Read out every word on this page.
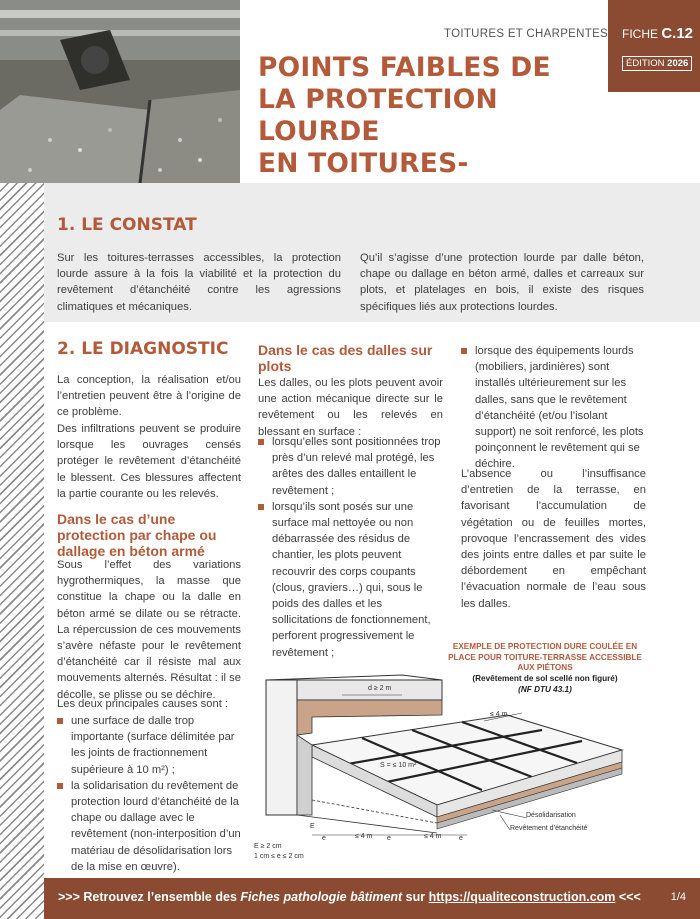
TOITURES ET CHARPENTES FICHE C.12
ÉDITION 2026
POINTS FAIBLES DE
LA PROTECTION LOURDE
EN TOITURES-
1. LE CONSTAT
Sur les toitures-terrasses accessibles, la protection lourde assure à la fois la viabilité et la protection du revêtement d’étanchéité contre les agressions climatiques et mécaniques.
Qu’il s’agisse d’une protection lourde par dalle béton, chape ou dallage en béton armé, dalles et carreaux sur plots, et platelages en bois, il existe des risques spécifiques liés aux protections lourdes.
2. LE DIAGNOSTIC
La conception, la réalisation et/ou l’entretien peuvent être à l’origine de ce problème.
Des infiltrations peuvent se produire lorsque les ouvrages censés protéger le revêtement d’étanchéité le blessent. Ces blessures affectent la partie courante ou les relevés.
Dans le cas d’une protection par chape ou dallage en béton armé
Sous l’effet des variations hygrothermiques, la masse que constitue la chape ou la dalle en béton armé se dilate ou se rétracte. La répercussion de ces mouvements s’avère néfaste pour le revêtement d’étanchéité car il résiste mal aux mouvements alternés. Résultat : il se décolle, se plisse ou se déchire.
Les deux principales causes sont :
une surface de dalle trop importante (surface délimitée par les joints de fractionnement supérieure à 10 m²) ;
la solidarisation du revêtement de protection lourd d’étanchéité de la chape ou dallage avec le revêtement (non-interposition d’un matériau de désolidarisation lors de la mise en œuvre).
Dans le cas des dalles sur plots
Les dalles, ou les plots peuvent avoir une action mécanique directe sur le revêtement ou les relevés en blessant en surface :
lorsqu’elles sont positionnées trop près d’un relevé mal protégé, les arêtes des dalles entaillent le revêtement ;
lorsqu’ils sont posés sur une surface mal nettoyée ou non débarrassée des résidus de chantier, les plots peuvent recouvrir des corps coupants (clous, graviers…) qui, sous le poids des dalles et les sollicitations de fonctionnement, perforent progressivement le revêtement ;
lorsque des équipements lourds (mobiliers, jardinières) sont installés ultérieurement sur les dalles, sans que le revêtement d’étanchéité (et/ou l’isolant support) ne soit renforcé, les plots poinçonnent le revêtement qui se déchire.
L’absence ou l’insuffisance d’entretien de la terrasse, en favorisant l’accumulation de végétation ou de feuilles mortes, provoque l’encrassement des vides des joints entre dalles et par suite le débordement en empêchant l’évacuation normale de l’eau sous les dalles.
EXEMPLE DE PROTECTION DURE COULÉE EN PLACE POUR TOITURE-TERRASSE ACCESSIBLE AUX PIÉTONS
(Revêtement de sol scellé non figuré)
(NF DTU 43.1)
d ≥ 2 m
≤ 4 m
S = ≤ 10 m²
Désolidarisation
Revêtement d’étanchéité
E
e	e	e
≤ 4 m	≤ 4 m
E ≥ 2 cm
1 cm ≤ e ≤ 2 cm
>>> Retrouvez l’ensemble des Fiches pathologie bâtiment sur https://qualiteconstruction.com <<<	1/4
